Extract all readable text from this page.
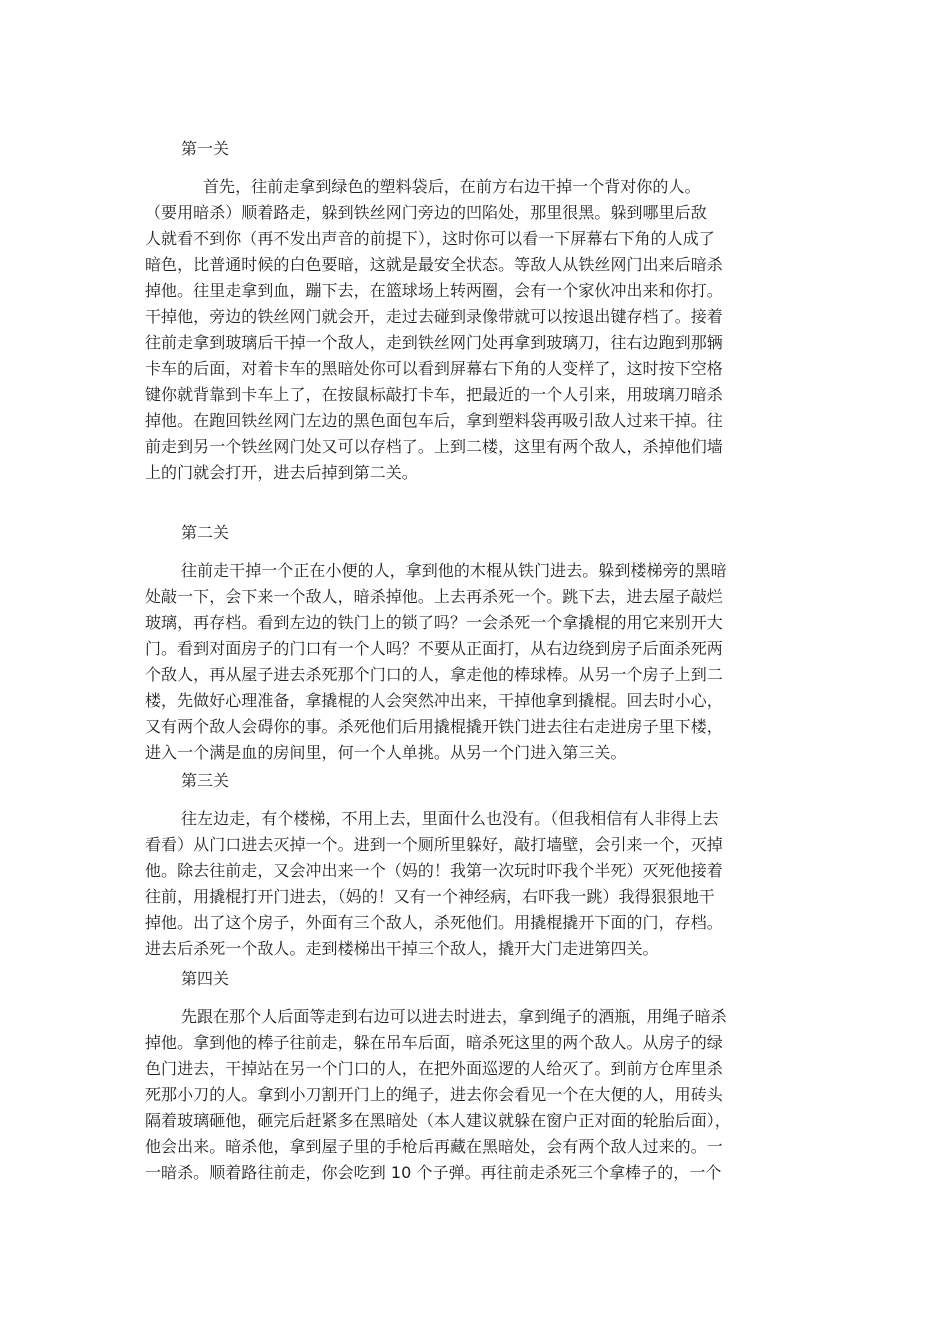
第一关
首先，往前走拿到绿色的塑料袋后，在前方右边干掉一个背对你的人。
（要用暗杀）顺着路走，躲到铁丝网门旁边的凹陷处，那里很黑。躲到哪里后敌
人就看不到你（再不发出声音的前提下），这时你可以看一下屏幕右下角的人成了
暗色，比普通时候的白色要暗，这就是最安全状态。等敌人从铁丝网门出来后暗杀
掉他。往里走拿到血，蹦下去，在篮球场上转两圈，会有一个家伙冲出来和你打。
干掉他，旁边的铁丝网门就会开，走过去碰到录像带就可以按退出键存档了。接着
往前走拿到玻璃后干掉一个敌人，走到铁丝网门处再拿到玻璃刀，往右边跑到那辆
卡车的后面，对着卡车的黑暗处你可以看到屏幕右下角的人变样了，这时按下空格
键你就背靠到卡车上了，在按鼠标敲打卡车，把最近的一个人引来，用玻璃刀暗杀
掉他。在跑回铁丝网门左边的黑色面包车后，拿到塑料袋再吸引敌人过来干掉。往
前走到另一个铁丝网门处又可以存档了。上到二楼，这里有两个敌人，杀掉他们墙
上的门就会打开，进去后掉到第二关。
第二关
往前走干掉一个正在小便的人，拿到他的木棍从铁门进去。躲到楼梯旁的黑暗
处敲一下，会下来一个敌人，暗杀掉他。上去再杀死一个。跳下去，进去屋子敲烂
玻璃，再存档。看到左边的铁门上的锁了吗？一会杀死一个拿撬棍的用它来别开大
门。看到对面房子的门口有一个人吗？不要从正面打，从右边绕到房子后面杀死两
个敌人，再从屋子进去杀死那个门口的人，拿走他的棒球棒。从另一个房子上到二
楼，先做好心理准备，拿撬棍的人会突然冲出来，干掉他拿到撬棍。回去时小心，
又有两个敌人会碍你的事。杀死他们后用撬棍撬开铁门进去往右走进房子里下楼，
进入一个满是血的房间里，何一个人单挑。从另一个门进入第三关。
第三关
往左边走，有个楼梯，不用上去，里面什么也没有。（但我相信有人非得上去
看看）从门口进去灭掉一个。进到一个厕所里躲好，敲打墙壁，会引来一个，灭掉
他。除去往前走，又会冲出来一个（妈的！我第一次玩时吓我个半死）灭死他接着
往前，用撬棍打开门进去，（妈的！又有一个神经病，右吓我一跳）我得狠狠地干
掉他。出了这个房子，外面有三个敌人，杀死他们。用撬棍撬开下面的门，存档。
进去后杀死一个敌人。走到楼梯出干掉三个敌人，撬开大门走进第四关。
第四关
先跟在那个人后面等走到右边可以进去时进去，拿到绳子的酒瓶，用绳子暗杀
掉他。拿到他的棒子往前走，躲在吊车后面，暗杀死这里的两个敌人。从房子的绿
色门进去，干掉站在另一个门口的人，在把外面巡逻的人给灭了。到前方仓库里杀
死那小刀的人。拿到小刀割开门上的绳子，进去你会看见一个在大便的人，用砖头
隔着玻璃砸他，砸完后赶紧多在黑暗处（本人建议就躲在窗户正对面的轮胎后面），
他会出来。暗杀他，拿到屋子里的手枪后再藏在黑暗处，会有两个敌人过来的。一
一暗杀。顺着路往前走，你会吃到 10 个子弹。再往前走杀死三个拿棒子的，一个
